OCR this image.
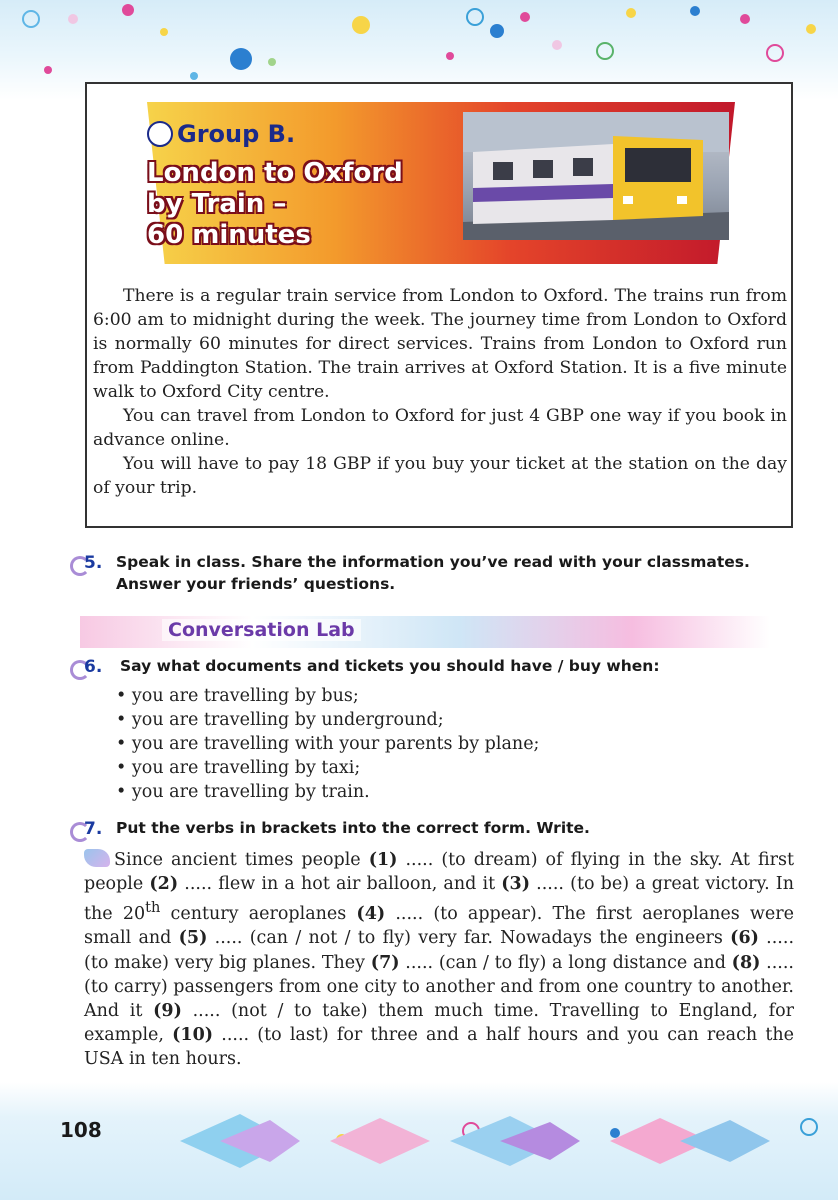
Group B.
London to Oxford
by Train –
60 minutes

There is a regular train service from London to Oxford. The trains run from 6:00 am to midnight during the week. The journey time from London to Oxford is normally 60 minutes for direct services. Trains from London to Oxford run from Paddington Station. The train arrives at Oxford Station. It is a five minute walk to Oxford City centre.

You can travel from London to Oxford for just 4 GBP one way if you book in advance online.

You will have to pay 18 GBP if you buy your ticket at the station on the day of your trip.

5. Speak in class. Share the information you’ve read with your classmates. Answer your friends’ questions.
Conversation Lab
6. Say what documents and tickets you should have / buy when:
• you are travelling by bus;
• you are travelling by underground;
• you are travelling with your parents by plane;
• you are travelling by taxi;
• you are travelling by train.
7. Put the verbs in brackets into the correct form. Write.
Since ancient times people (1) ..... (to dream) of flying in the sky. At first people (2) ..... flew in a hot air balloon, and it (3) ..... (to be) a great victory. In the 20th century aeroplanes (4) ..... (to appear). The first aeroplanes were small and (5) ..... (can / not / to fly) very far. Nowadays the engineers (6) ..... (to make) very big planes. They (7) ..... (can / to fly) a long distance and (8) ..... (to carry) passengers from one city to another and from one country to another. And it (9) ..... (not / to take) them much time. Travelling to England, for example, (10) ..... (to last) for three and a half hours and you can reach the USA in ten hours.
108
